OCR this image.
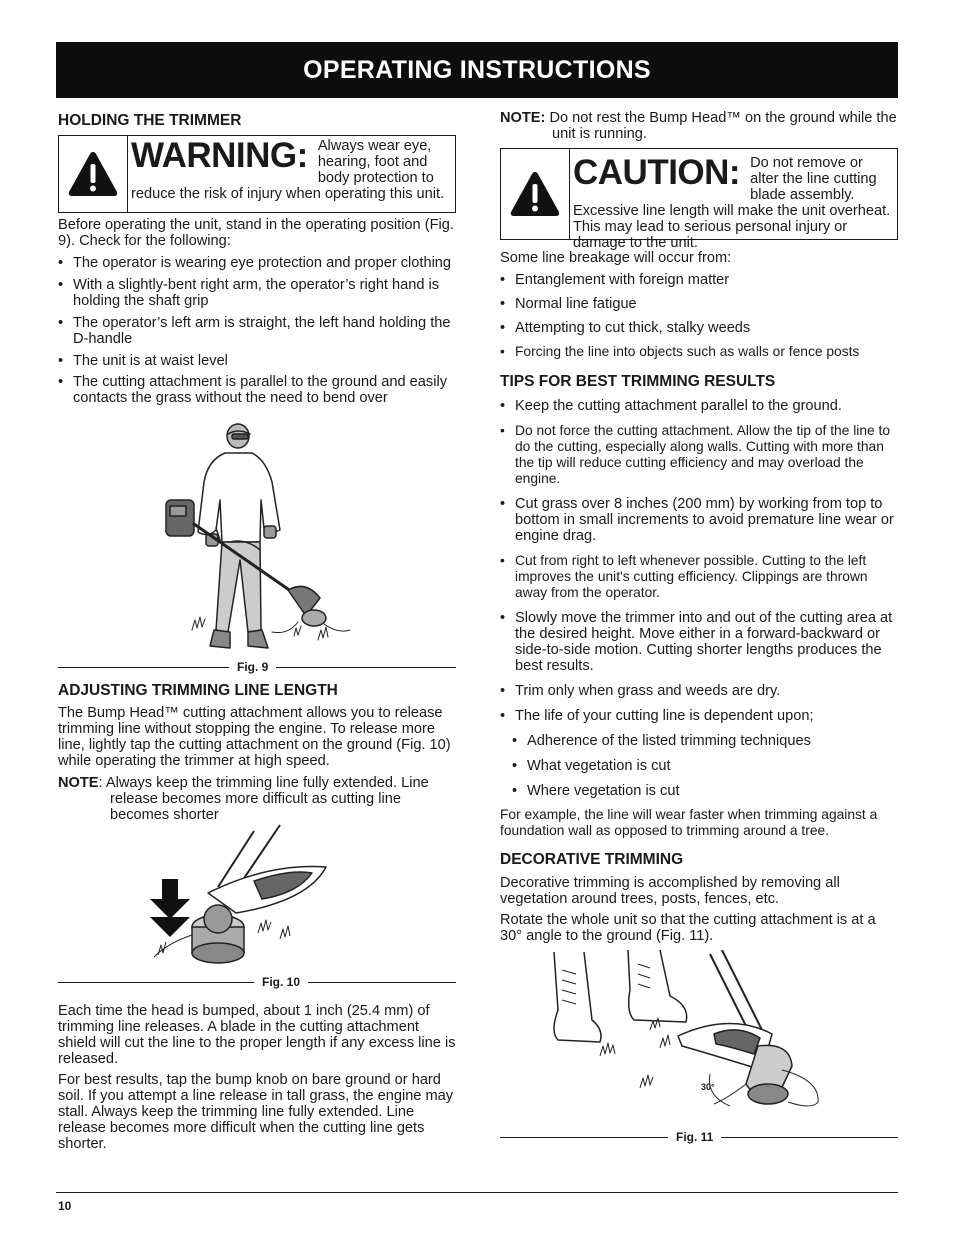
OPERATING INSTRUCTIONS
HOLDING THE TRIMMER
WARNING: Always wear eye, hearing, foot and body protection to reduce the risk of injury when operating this unit.

Before operating the unit, stand in the operating position (Fig. 9). Check for the following:

• The operator is wearing eye protection and proper clothing
• With a slightly-bent right arm, the operator’s right hand is holding the shaft grip
• The operator’s left arm is straight, the left hand holding the D-handle
• The unit is at waist level
• The cutting attachment is parallel to the ground and easily contacts the grass without the need to bend over
Fig. 9
ADJUSTING TRIMMING LINE LENGTH

The Bump Head™ cutting attachment allows you to release trimming line without stopping the engine. To release more line, lightly tap the cutting attachment on the ground (Fig. 10) while operating the trimmer at high speed.

NOTE: Always keep the trimming line fully extended. Line release becomes more difficult as cutting line becomes shorter

Fig. 10

Each time the head is bumped, about 1 inch (25.4 mm) of trimming line releases. A blade in the cutting attachment shield will cut the line to the proper length if any excess line is released.

For best results, tap the bump knob on bare ground or hard soil. If you attempt a line release in tall grass, the engine may stall. Always keep the trimming line fully extended. Line release becomes more difficult when the cutting line gets shorter.

NOTE: Do not rest the Bump Head™ on the ground while the unit is running.

CAUTION: Do not remove or alter the line cutting blade assembly. Excessive line length will make the unit overheat. This may lead to serious personal injury or damage to the unit.

Some line breakage will occur from:

• Entanglement with foreign matter
• Normal line fatigue
• Attempting to cut thick, stalky weeds
• Forcing the line into objects such as walls or fence posts
TIPS FOR BEST TRIMMING RESULTS
• Keep the cutting attachment parallel to the ground.
• Do not force the cutting attachment. Allow the tip of the line to do the cutting, especially along walls. Cutting with more than the tip will reduce cutting efficiency and may overload the engine.
• Cut grass over 8 inches (200 mm) by working from top to bottom in small increments to avoid premature line wear or engine drag.
• Cut from right to left whenever possible. Cutting to the left improves the unit's cutting efficiency. Clippings are thrown away from the operator.
• Slowly move the trimmer into and out of the cutting area at the desired height. Move either in a forward-backward or side-to-side motion. Cutting shorter lengths produces the best results.
• Trim only when grass and weeds are dry.
• The life of your cutting line is dependent upon;
• Adherence of the listed trimming techniques
• What vegetation is cut
• Where vegetation is cut

For example, the line will wear faster when trimming against a foundation wall as opposed to trimming around a tree.

DECORATIVE TRIMMING

Decorative trimming is accomplished by removing all vegetation around trees, posts, fences, etc.

Rotate the whole unit so that the cutting attachment is at a 30° angle to the ground (Fig. 11).

30°
Fig. 11
10
